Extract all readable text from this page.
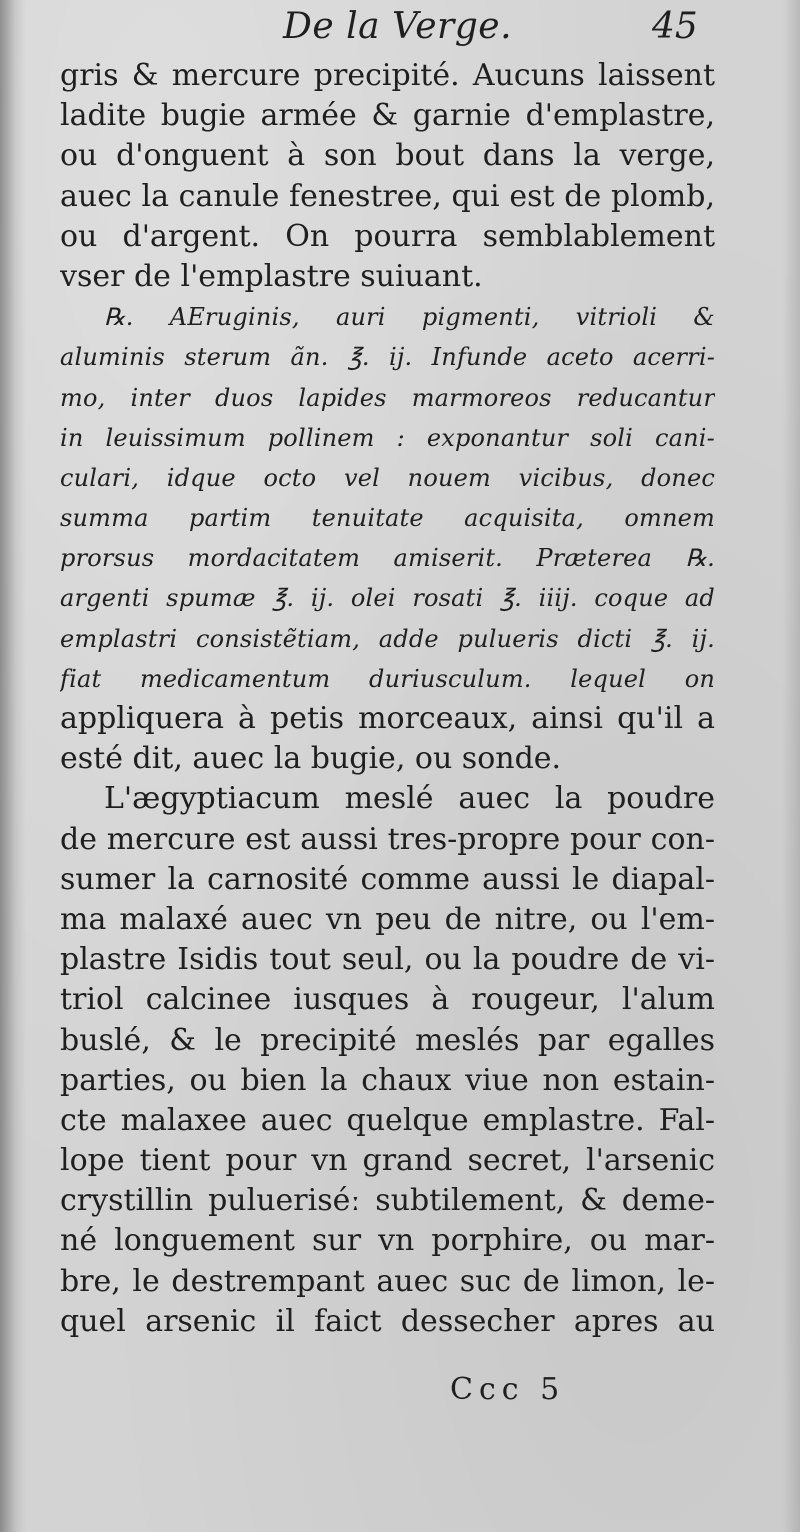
De la Verge.	45
gris & mercure precipité. Aucuns laissent
ladite bugie armée & garnie d'emplastre,
ou d'onguent à son bout dans la verge,
auec la canule fenestree, qui est de plomb,
ou d'argent. On pourra semblablement
vser de l'emplastre suiuant.
℞. AEruginis, auri pigmenti, vitrioli &
aluminis sterum ãn. ℥. ij. Infunde aceto acerri-
mo, inter duos lapides marmoreos reducantur
in leuissimum pollinem : exponantur soli cani-
culari, idque octo vel nouem vicibus, donec
summa partim tenuitate acquisita, omnem
prorsus mordacitatem amiserit. Præterea ℞.
argenti spumæ ℥. ij. olei rosati ℥. iiij. coque ad
emplastri consistẽtiam, adde pulueris dicti ℥. ij.
fiat medicamentum duriusculum. lequel on
appliquera à petis morceaux, ainsi qu'il a
esté dit, auec la bugie, ou sonde.
L'ægyptiacum meslé auec la poudre
de mercure est aussi tres-propre pour con-
sumer la carnosité comme aussi le diapal-
ma malaxé auec vn peu de nitre, ou l'em-
plastre Isidis tout seul, ou la poudre de vi-
triol calcinee iusques à rougeur, l'alum
buslé, & le precipité meslés par egalles
parties, ou bien la chaux viue non estain-
cte malaxee auec quelque emplastre. Fal-
lope tient pour vn grand secret, l'arsenic
crystillin pulueriséː subtilement, & deme-
né longuement sur vn porphire, ou mar-
bre, le destrempant auec suc de limon, le-
quel arsenic il faict dessecher apres au
Ccc 5
